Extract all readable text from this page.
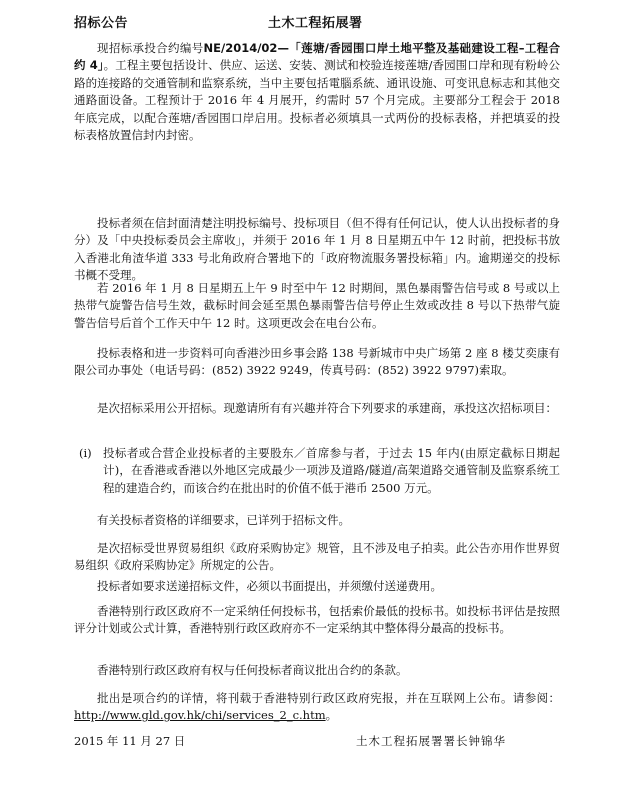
招标公告	土木工程拓展署

现招标承投合约编号NE/2014/02—「莲塘/香园围口岸土地平整及基础建设工程–工程合约 4」。工程主要包括设计、供应、运送、安装、测试和校验连接莲塘/香园围口岸和现有粉岭公路的连接路的交通管制和监察系统，当中主要包括電腦系統、通讯设施、可变讯息标志和其他交通路面设备。工程预计于 2016 年 4 月展开，约需时 57 个月完成。主要部分工程会于 2018 年底完成，以配合莲塘/香园围口岸启用。投标者必须填具一式两份的投标表格，并把填妥的投标表格放置信封内封密。

投标者须在信封面清楚注明投标编号、投标项目（但不得有任何记认，使人认出投标者的身分）及「中央投标委员会主席收」，并须于 2016 年 1 月 8 日星期五中午 12 时前，把投标书放入香港北角渣华道 333 号北角政府合署地下的「政府物流服务署投标箱」内。逾期递交的投标书概不受理。

若 2016 年 1 月 8 日星期五上午 9 时至中午 12 时期间，黑色暴雨警告信号或 8 号或以上热带气旋警告信号生效，截标时间会延至黑色暴雨警告信号停止生效或改挂 8 号以下热带气旋警告信号后首个工作天中午 12 时。这项更改会在电台公布。

投标表格和进一步资料可向香港沙田乡事会路 138 号新城市中央广场第 2 座 8 楼艾奕康有限公司办事处（电话号码：(852) 3922 9249，传真号码：(852) 3922 9797)索取。

是次招标采用公开招标。现邀请所有有兴趣并符合下列要求的承建商，承投这次招标项目：

(i) 投标者或合营企业投标者的主要股东／首席参与者，于过去 15 年内(由原定截标日期起计)，在香港或香港以外地区完成最少一项涉及道路/隧道/高架道路交通管制及监察系统工程的建造合约，而该合约在批出时的价值不低于港币 2500 万元。

有关投标者资格的详细要求，已详列于招标文件。

是次招标受世界贸易组织《政府采购协定》规管，且不涉及电子拍卖。此公告亦用作世界贸易组织《政府采购协定》所规定的公告。

投标者如要求送递招标文件，必须以书面提出，并须缴付送递费用。

香港特别行政区政府不一定采纳任何投标书，包括索价最低的投标书。如投标书评估是按照评分计划或公式计算，香港特别行政区政府亦不一定采纳其中整体得分最高的投标书。

香港特别行政区政府有权与任何投标者商议批出合约的条款。

批出是项合约的详情，将刊载于香港特别行政区政府宪报，并在互联网上公布。请参阅：http://www.gld.gov.hk/chi/services_2_c.htm。

2015 年 11 月 27 日	土木工程拓展署署长钟锦华
